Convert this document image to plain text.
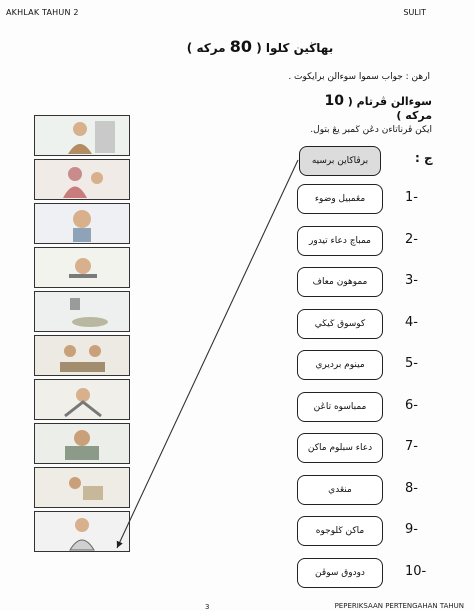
AKHLAK TAHUN 2	SULIT
بهاڬين كلوا ( 80 مركه )
ارهن : جواب سموا سوءالن برايكوت .
سوءالن ڤرتام ( 10 مركه )
ايكن ڤرناتاءن دڠن ڬمبر يڠ بتول.
ج :
برڤاكاين برسيه
مڠمبيل وضوء	1-
ممباچ دعاء تيدور	2-
مموهون معاف	3-
كوسوق ڬيڬي	4-
مينوم برديري	5-
ممباسوه تاڠن	6-
دعاء سبلوم ماكن	7-
منڠدي	8-
ماكن ڬلوجوه	9-
دودوق سوڤن	10-
3	PEPERIKSAAN PERTENGAHAN TAHUN
